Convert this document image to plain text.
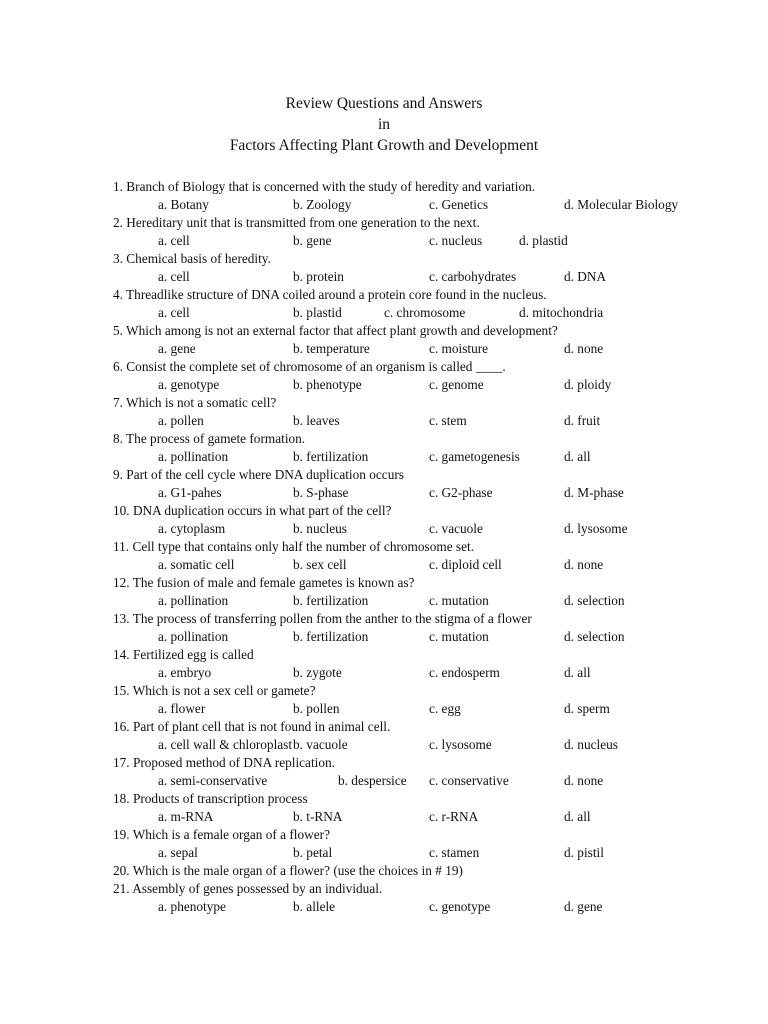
Review Questions and Answers
in
Factors Affecting Plant Growth and Development
1. Branch of Biology that is concerned with the study of heredity and variation.
a. Botany	b. Zoology	c. Genetics	d. Molecular Biology
2. Hereditary unit that is transmitted from one generation to the next.
a. cell	b. gene	c. nucleus	d. plastid
3. Chemical basis of heredity.
a. cell	b. protein	c. carbohydrates	d. DNA
4. Threadlike structure of DNA coiled around a protein core found in the nucleus.
a. cell	b. plastid	c. chromosome	d. mitochondria
5. Which among is not an external factor that affect plant growth and development?
a. gene	b. temperature	c. moisture	d. none
6. Consist the complete set of chromosome of an organism is called ____.
a. genotype	b. phenotype	c. genome	d. ploidy
7. Which is not a somatic cell?
a. pollen	b. leaves	c. stem	d. fruit
8. The process of gamete formation.
a. pollination	b. fertilization	c. gametogenesis	d. all
9. Part of the cell cycle where DNA duplication occurs
a. G1-pahes	b. S-phase	c. G2-phase	d. M-phase
10. DNA duplication occurs in what part of the cell?
a. cytoplasm	b. nucleus	c. vacuole	d. lysosome
11. Cell type that contains only half the number of chromosome set.
a. somatic cell	b. sex cell	c. diploid cell	d. none
12. The fusion of male and female gametes is known as?
a. pollination	b. fertilization	c. mutation	d. selection
13. The process of transferring pollen from the anther to the stigma of a flower
a. pollination	b. fertilization	c. mutation	d. selection
14. Fertilized egg is called
a. embryo	b. zygote	c. endosperm	d. all
15. Which is not a sex cell or gamete?
a. flower	b. pollen	c. egg	d. sperm
16. Part of plant cell that is not found in animal cell.
a. cell wall & chloroplast b. vacuole	c. lysosome	d. nucleus
17. Proposed method of DNA replication.
a. semi-conservative	b. despersice c. conservative	d. none
18. Products of transcription process
a. m-RNA	b. t-RNA	c. r-RNA	d. all
19. Which is a female organ of a flower?
a. sepal	b. petal	c. stamen	d. pistil
20. Which is the male organ of a flower? (use the choices in # 19)
21. Assembly of genes possessed by an individual.
a. phenotype	b. allele	c. genotype	d. gene
